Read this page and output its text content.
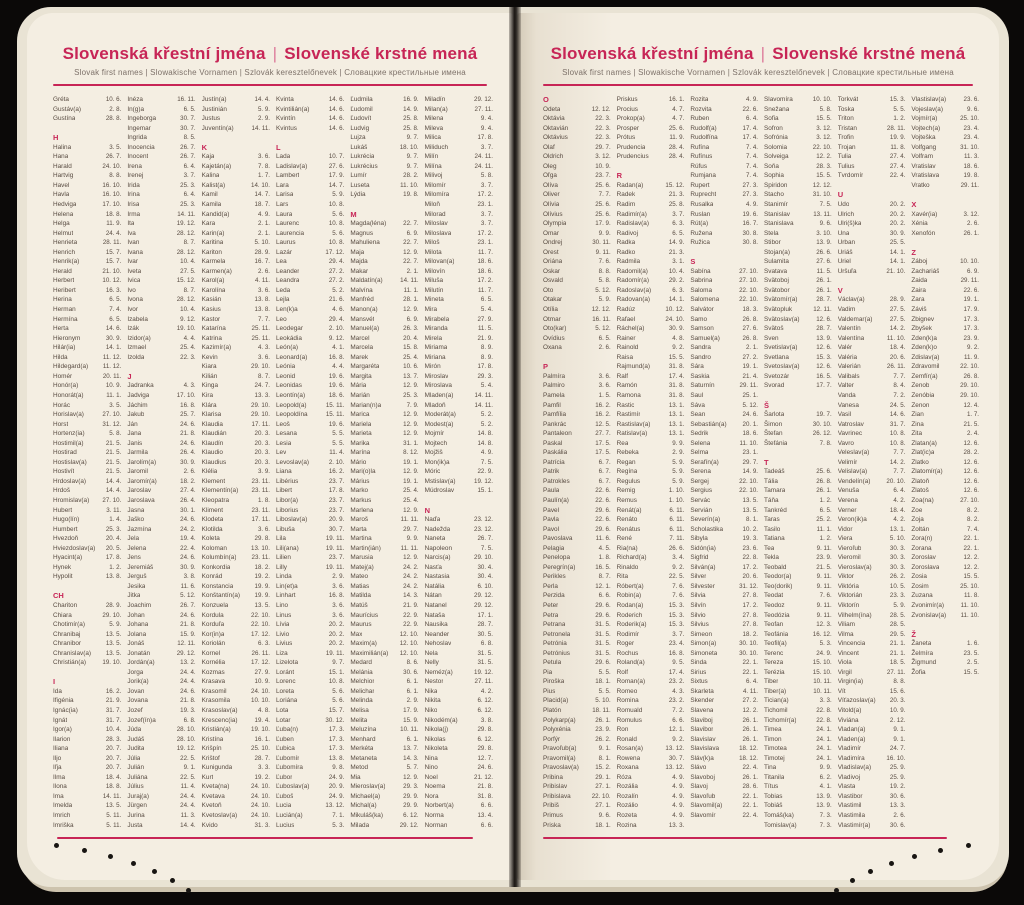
Slovenská křestní jména | Slovenské krstné mená
Slovak first names | Slowakische Vornamen | Szlovák keresztelőnevek | Словацкие крестильные имена
Gréta	10. 6.
Gustáv(a)	2. 8.
Gustína	28. 8.
H
Halina	3. 5.
Hana	26. 7.
Harald	24. 10.
Hartvig	8. 8.
Havel	16. 10.
Havla	16. 10.
Hedviga	17. 10.
Helena	18. 8.
Helga	11. 9.
Helmut	24. 4.
Henrieta	28. 11.
Henrich	15. 7.
Henrik(a)	15. 7.
Herald	21. 10.
Herbert	10. 12.
Heribert	16. 3.
Herina	6. 5.
Herman	7. 4.
Hermína	6. 5.
Herta	14. 6.
Hieronym	30. 9.
Hilár(ia)	14. 1.
Hilda	11. 12.
Hildegard(a)	11. 12.
Homér	20. 11.
Honór(a)	10. 9.
Honorát(a)	11. 1.
Horác	3. 5.
Horislav(a)	27. 10.
Horst	31. 12.
Hortenz(ia)	5. 8.
Hostimil(a)	21. 5.
Hostirad	21. 5.
Hostislav(a)	21. 5.
Hostivít	21. 5.
Hrdoslav(a)	14. 4.
Hrdoš	14. 4.
Hromislav(a)	27. 10.
Hubert	3. 11.
Hugo(lín)	1. 4.
Humbert	25. 3.
Hvezdoň	20. 4.
Hviezdoslav(a)	20. 5.
Hyacint(a)	17. 8.
Hynek	1. 2.
Hypolit	13. 8.
CH
Chariton	28. 9.
Chiara	29. 10.
Chotimír(a)	5. 9.
Chranibaj	13. 5.
Chranibor	13. 5.
Chranislav(a)	13. 5.
Christián(a)	19. 10.
I
Ida	16. 2.
Ifigénia	21. 9.
Ignác(ia)	31. 7.
Ignát	31. 7.
Igor(a)	10. 4.
Ilarion	28. 3.
Iliana	20. 7.
Iljo	20. 7.
Iľja	20. 7.
Ilma	18. 4.
Ilona	18. 8.
Ima	14. 11.
Imelda	13. 5.
Imrich	5. 11.
Imriška	5. 11.
Inéza	16. 11.
In(g)a	6. 5.
Ingeborga	30. 7.
Ingemar	30. 7.
Ingrida	8. 5.
Inocencia	26. 7.
Inocent	26. 7.
Irena	6. 4.
Irenej	3. 7.
Irida	25. 3.
Irina	6. 4.
Irisa	25. 3.
Irma	14. 11.
Ita	19. 12.
Iva	28. 12.
Ivan	8. 7.
Ivana	28. 12.
Ivar	10. 4.
Iveta	27. 5.
Ivica	15. 12.
Ivo	8. 7.
Ivona	28. 12.
Ivor	10. 4.
Izabela	9. 12.
Izák	19. 10.
Izidor(a)	4. 4.
Izmael	25. 4.
Izolda	22. 3.
J
Jadranka	4. 3.
Jadviga	17. 10.
Jáchim	16. 8.
Jakub	25. 7.
Ján	24. 6.
Jana	21. 8.
Janis	24. 6.
Jarmila	26. 4.
Jarolím(a)	30. 9.
Jaromil	2. 6.
Jaromír(a)	18. 2.
Jaroslav	27. 4.
Jaroslava	26. 4.
Jasna	30. 1.
Jaško	24. 6.
Jazmína	24. 2.
Jela	19. 4.
Jelena	22. 4.
Jens	24. 6.
Jeremiáš	30. 9.
Jerguš	3. 8.
Jesika	11. 6.
Jitka	5. 12.
Joachim	26. 7.
Johan	24. 6.
Johana	21. 8.
Jolana	15. 9.
Jonáš	12. 11.
Jonatán	29. 12.
Jordán(a)	13. 2.
Jorga	24. 4.
Jorik(a)	24. 4.
Jovan	24. 6.
Jovana	21. 8.
Jozef	19. 3.
Jozef(ín)a	6. 8.
Júda	28. 10.
Judáš	28. 10.
Judita	19. 12.
Júlia	22. 5.
Julián	9. 1.
Juliána	22. 5.
Július	11. 4.
Juraj(a)	24. 4.
Jürgen	24. 4.
Jurina	11. 3.
Justa	14. 4.
Justín(a)	14. 4.
Justinián	5. 9.
Justus	2. 9.
Juventín(a)	14. 11.
K
Kaja	3. 6.
Kajetán(a)	7. 8.
Kalina	1. 7.
Kalist(a)	14. 10.
Kamil	14. 7.
Kamila	18. 7.
Kandid(a)	4. 9.
Kara	2. 1.
Karin(a)	2. 1.
Karitina	5. 10.
Kariton	28. 9.
Karmela	16. 7.
Karmen(a)	2. 6.
Karol(a)	4. 11.
Karolína	3. 6.
Kasián	13. 8.
Kasius	13. 8.
Kastor	7. 7.
Katarína	25. 11.
Katrina	25. 11.
Kazimír(a)	4. 3.
Kevin	3. 6.
Kiara	29. 10.
Kilián	8. 7.
Kinga	24. 7.
Kira	13. 3.
Klára	29. 10.
Klarisa	29. 10.
Klaudia	17. 11.
Klaudián	20. 3.
Klaudín	20. 3.
Klaudio	20. 3.
Klaudius	20. 3.
Klélia	3. 9.
Klement	23. 11.
Klementín(a)	23. 11.
Kleopatra	1. 8.
Kliment	23. 11.
Klodeta	17. 11.
Klotilda	3. 6.
Koleta	29. 8.
Koloman	13. 10.
Kolumbín(a)	23. 11.
Konkordia	18. 2.
Konrád	19. 2.
Konstancia	19. 9.
Konštantín(a)	19. 9.
Konzuela	13. 5.
Kordula	22. 10.
Korduľa	22. 10.
Kor(in)a	17. 12.
Koriolán	6. 3.
Kornel	26. 11.
Kornélia	17. 12.
Kozmas	27. 9.
Krasava	10. 9.
Krasomil	24. 10.
Krasomila	10. 10.
Krasoslav(a)	4. 8.
Krescenc(ia)	19. 4.
Kristián(a)	19. 10.
Kristína	16. 1.
Krišpín	25. 10.
Krištof	28. 7.
Kunigunda	3. 3.
Kurt	19. 2.
Kveta(na)	24. 10.
Kvetava	24. 10.
Kvetoň	24. 10.
Kvetoslav(a)	24. 10.
Kvido	31. 3.
Kvinta	14. 6.
Kvintilián(a)	14. 6.
Kvintín	14. 6.
Kvintus	14. 6.
L
Lada	10. 7.
Ladislav(a)	27. 6.
Lambert	17. 9.
Lara	14. 7.
Larisa	5. 9.
Lars	10. 8.
Laura	5. 6.
Laurenc	10. 8.
Laurencia	5. 6.
Laurus	10. 8.
Lazár	17. 12.
Lea	29. 4.
Leander	27. 2.
Leandra	27. 2.
Leda	5. 2.
Lejla	21. 6.
Len(k)a	4. 6.
Leo	29. 4.
Leodegar	2. 10.
Leokádia	9. 12.
León(a)	4. 1.
Leonard(a)	16. 8.
Leónia	4. 4.
Leonid	19. 6.
Leonidas	19. 6.
Leontín(a)	18. 6.
Leopold(a)	15. 11.
Leopoldína	15. 11.
Leoš	19. 6.
Lesana	5. 5.
Lesia	5. 5.
Lev	11. 4.
Levoslav(a)	2. 10.
Liana	16. 2.
Libérius	23. 7.
Libert	17. 8.
Libor(a)	23. 7.
Liborius	23. 7.
Liboslav(a)	20. 9.
Libuša	30. 7.
Lila	19. 11.
Lili(ana)	19. 11.
Lilien	23. 7.
Lilly	19. 11.
Linda	2. 9.
Lin(et)a	3. 6.
Linhart	16. 8.
Lino	3. 6.
Linus	3. 6.
Lívia	20. 2.
Livio	20. 2.
Livius	20. 2.
Liza	19. 11.
Lizelota	9. 7.
Loránt	15. 1.
Lorenc	10. 8.
Loreta	5. 6.
Loriána	5. 6.
Lota	15. 7.
Lotar	30. 12.
Ľuba(n)	17. 3.
Ľuben	17. 3.
Ľubica	17. 3.
Ľubomír	13. 8.
Ľubomíra	9. 8.
Ľubor	24. 9.
Ľuboslav(a)	20. 9.
Ľuboš	24. 9.
Lucia	13. 12.
Lucián(a)	7. 1.
Lucius	5. 3.
Ľudmila	16. 9.
Ľudomil	14. 9.
Ľudovít	25. 8.
Ludvig	25. 8.
Lujza	9. 7.
Lukáš	18. 10.
Lukrécia	9. 7.
Lukrécius	9. 7.
Lumír	28. 2.
Luseta	11. 10.
Lýdia	19. 8.
M
Magda(léna)	22. 7.
Magnus	6. 9.
Mahuliena	22. 7.
Maja	12. 9.
Majda	22. 7.
Makar	2. 1.
Maldatín(a)	14. 11.
Malvína	11. 1.
Manfréd	28. 1.
Manon(a)	12. 9.
Mansvét	6. 9.
Manuel(a)	26. 3.
Marcel	20. 4.
Marcela	15. 8.
Marek	25. 4.
Margaréta	10. 6.
Margita	13. 7.
Mária	12. 9.
Marián	25. 3.
Marian(n)a	7. 9.
Marica	12. 9.
Mariela	12. 9.
Marieta	12. 9.
Marika	31. 1.
Marína	8. 12.
Mário	19. 1.
Mari(o)la	12. 9.
Márius	19. 1.
Marko	25. 4.
Markus	25. 4.
Marlena	12. 9.
Maroš	11. 11.
Marta	29. 7.
Martina	9. 9.
Martin(ián)	11. 11.
Marusia	12. 9.
Matej(a)	24. 2.
Mateo	24. 2.
Matias	24. 2.
Matilda	14. 3.
Matúš	21. 9.
Maurícius	22. 9.
Maurus	22. 9.
Max	12. 10.
Maxim(a)	12. 10.
Maximilián(a)	12. 10.
Medard	8. 6.
Melánia	30. 6.
Melchior	6. 1.
Melichar	6. 1.
Melinda	2. 9.
Melisa	17. 9.
Melita	15. 9.
Meluzína	10. 11.
Menhard	6. 1.
Merkéta	13. 7.
Metaneta	14. 3.
Metod	5. 7.
Mia	12. 9.
Mieroslav(a)	29. 3.
Michael(a)	29. 9.
Michal(a)	29. 9.
Mikuláš(ka)	6. 12.
Milada	29. 12.
Miladín	29. 12.
Milan(a)	27. 11.
Milena	9. 4.
Mileva	9. 4.
Milica	17. 8.
Miliduch	3. 7.
Milín	24. 11.
Milína	24. 11.
Milivoj	5. 8.
Milomír	3. 7.
Milomíra	17. 2.
Miloň	23. 1.
Milorad	3. 7.
Miloslav	3. 7.
Miloslava	17. 2.
Miloš	23. 1.
Milota	11. 7.
Milovan(a)	18. 6.
Milovín	18. 6.
Miluša	17. 2.
Milutín	11. 7.
Mineta	6. 5.
Mira	5. 4.
Mirabela	27. 9.
Miranda	11. 5.
Mirela	21. 9.
Miriama	8. 9.
Miriana	8. 9.
Mirón	17. 8.
Miroslav	29. 3.
Miroslava	5. 4.
Mladen(a)	14. 11.
Mladoň	14. 11.
Moderát(a)	5. 2.
Modest(a)	5. 2.
Mojmír	14. 8.
Mojtech	14. 8.
Mojžiš	4. 9.
Mon(ik)a	7. 5.
Móric	22. 9.
Mstislav(a)	19. 12.
Múdroslav	15. 1.
N
Naďa	23. 12.
Nadežda	23. 12.
Naneta	26. 7.
Napoleon	7. 5.
Narcis(a)	29. 10.
Nasťa	30. 4.
Nastasia	30. 4.
Natália	6. 10.
Nátan	29. 12.
Natanel	29. 12.
Nataša	17. 1.
Nausika	28. 7.
Neander	30. 5.
Nehoslav	6. 8.
Nela	31. 5.
Nelly	31. 5.
Neméz(a)	19. 12.
Nestor	27. 11.
Nika	4. 2.
Nikita	6. 12.
Niko	6. 12.
Nikodém(a)	3. 8.
Nikola(j)	29. 8.
Nikolas	6. 12.
Nikoleta	29. 8.
Nina	12. 7.
Nino	24. 6.
Noel	21. 12.
Noema	21. 8.
Nora	31. 8.
Norbert(a)	6. 6.
Norma	13. 4.
Norman	6. 6.
Slovenská křestní jména | Slovenské krstné mená
Slovak first names | Slowakische Vornamen | Szlovák keresztelőnevek | Словацкие крестильные имена
O
Odeta	12. 12.
Oktávia	22. 3.
Oktavián	22. 3.
Oktávius	22. 3.
Olaf	29. 7.
Oldrich	3. 12.
Oleg	10. 9.
Oľga	23. 7.
Olíva	25. 6.
Oliver	7. 7.
Olívia	25. 6.
Olívius	25. 6.
Olympia	17. 9.
Omar	9. 9.
Ondrej	30. 11.
Orest	9. 11.
Oriána	7. 6.
Oskar	8. 8.
Osvald	5. 8.
Oto	5. 12.
Otakar	5. 9.
Otília	12. 12.
Otmar	16. 11.
Oto(kar)	5. 12.
Ovídius	6. 5.
Oxana	2. 6.
P
Palmíra	3. 6.
Palmiro	3. 6.
Pamela	1. 5.
Pamfil	16. 2.
Pamfília	16. 2.
Pankrác	12. 5.
Pantaleon	27. 7.
Paskal	17. 5.
Paskália	17. 5.
Patrícia	6. 7.
Patrik	6. 7.
Patrokles	6. 7.
Paula	22. 6.
Paulín(a)	22. 6.
Pavel	29. 6.
Pavla	22. 6.
Pavol	29. 6.
Pavoslava	11. 6.
Pelagia	4. 5.
Penelopa	1. 8.
Peregrín(a)	16. 5.
Perikles	8. 7.
Perla	12. 1.
Perzida	6. 6.
Peter	29. 6.
Petra	29. 6.
Petrana	31. 5.
Petronela	31. 5.
Petrónia	31. 5.
Petrónius	31. 5.
Petula	29. 6.
Pia	5. 5.
Piroška	18. 1.
Pius	5. 5.
Placid(a)	5. 10.
Platón	18. 11.
Polykarp(a)	26. 1.
Polyxénia	23. 9.
Porfýr	26. 2.
Pravoľub(a)	9. 1.
Pravomil(a)	8. 1.
Pravoslav(a)	15. 2.
Pribina	29. 1.
Pribislav	27. 1.
Pribislava	22. 10.
Pribiš	27. 1.
Primus	9. 6.
Priska	18. 1.
Priskus	16. 1.
Procius	4. 7.
Prokop(a)	4. 7.
Prosper	25. 6.
Prótus	11. 9.
Prudencia	28. 4.
Prudencius	28. 4.
R
Radan(a)	15. 12.
Radek	21. 3.
Radim	25. 8.
Radimír(a)	3. 7.
Radislav(a)	6. 3.
Radivoj	6. 5.
Radka	14. 9.
Radko	21. 3.
Radmila	3. 1.
Radomil(a)	10. 4.
Radomír(a)	29. 2.
Radoslav(a)	6. 3.
Radovan(a)	14. 1.
Radúz	10. 12.
Rafael	24. 10.
Ráchel(a)	30. 9.
Rainer	4. 8.
Rainold	9. 2.
Raisa	15. 5.
Rajmund(a)	31. 8.
Ralf	17. 4.
Ramón	31. 8.
Ramona	31. 8.
Rastic	13. 1.
Rastimír	13. 1.
Rastislav(a)	13. 1.
Ratislav(a)	13. 1.
Rea	9. 9.
Rebeka	2. 9.
Regan	5. 9.
Regína	5. 9.
Regulus	5. 9.
Remig	1. 10.
Remus	1. 10.
Renát(a)	6. 11.
Renáto	6. 11.
Renátus	6. 11.
René	7. 11.
Ria(na)	26. 6.
Richard(a)	3. 4.
Rinaldo	9. 2.
Rita	22. 5.
Róbert(a)	7. 6.
Robin(a)	7. 6.
Rodan(a)	15. 3.
Roderich	15. 3.
Roderik(a)	15. 3.
Rodimír	3. 7.
Roger	23. 4.
Rochus	16. 8.
Roland(a)	9. 5.
Rolf	17. 4.
Roman(a)	23. 2.
Romeo	4. 3.
Romina	23. 2.
Romuald	7. 2.
Romulus	6. 6.
Ron	12. 1.
Ronald	9. 2.
Rosan(a)	13. 12.
Rowena	30. 7.
Roxana	13. 12.
Róza	4. 9.
Rozália	4. 9.
Rozalín	4. 9.
Rozálio	4. 9.
Rozeta	4. 9.
Rozina	13. 3.
Rozita	4. 9.
Rozvita	22. 6.
Ruben	6. 4.
Rudolf(a)	17. 4.
Rudolfína	17. 4.
Rufína	7. 4.
Rufínus	7. 4.
Rúfus	7. 4.
Rumjana	7. 4.
Rupert	27. 3.
Ruprecht	27. 3.
Rusalka	4. 9.
Ruslan	19. 6.
Rút(a)	16. 7.
Ružena	30. 8.
Ružica	30. 8.
S
Sabína	27. 10.
Sabrina	27. 10.
Saloma	22. 10.
Salomena	22. 10.
Salvátor	18. 3.
Samo	26. 8.
Samson	27. 6.
Samuel(a)	26. 8.
Sandra	2. 1.
Sandro	27. 2.
Sára	19. 1.
Saskia	21. 4.
Saturnín	29. 11.
Saul	25. 1.
Sáva	5. 12.
Sean	24. 6.
Sebastián(a)	20. 1.
Sedrik	18. 6.
Selena	11. 10.
Selma	23. 1.
Serafín(a)	29. 7.
Serena	14. 9.
Sergej	22. 10.
Sergius	22. 10.
Servác	13. 5.
Servián	13. 5.
Severín(a)	8. 1.
Scholastika	10. 2.
Sibyla	19. 3.
Sidón(ia)	23. 6.
Sigfrid	22. 8.
Silván(a)	17. 2.
Silver	20. 6.
Silvester	31. 12.
Silvia	27. 8.
Silvín	17. 2.
Silvio	27. 8.
Silvius	27. 8.
Simeon	18. 2.
Simon(a)	30. 10.
Simoneta	30. 10.
Sinda	22. 1.
Sirius	22. 1.
Sixtus	6. 4.
Skarleta	4. 11.
Skender	27. 2.
Slavena	12. 2.
Slaviboj	26. 1.
Slavibor	26. 1.
Slavislav	26. 1.
Slavislava	18. 12.
Sláv(k)a	18. 12.
Slávo	22. 4.
Slavoboj	26. 1.
Slavoj	28. 6.
Slavoľub	22. 1.
Slavomil(a)	22. 1.
Slavomír	22. 4.
Slavomíra	10. 10.
Snežana	5. 8.
Sofia	15. 5.
Sofron	3. 12.
Sofrónia	3. 12.
Solomia	22. 10.
Solveiga	12. 2.
Soňa	28. 3.
Sophia	15. 5.
Spiridon	12. 12.
Stacho	31. 10.
Stanimír	7. 5.
Stanislav	13. 11.
Stanislava	9. 6.
Stela	3. 10.
Stibor	13. 9.
Stojan(a)	26. 6.
Sulamita	27. 6.
Svatava	11. 5.
Svätoboj	26. 1.
Svätobor	26. 1.
Svätomír(a)	28. 7.
Svätopluk	12. 11.
Svätoslav(a)	12. 6.
Svätoš	28. 7.
Sven	13. 9.
Svetislav(a)	12. 6.
Svetlana	15. 3.
Svetoslav(a)	12. 6.
Svetozár	16. 5.
Svorad	17. 7.
Š
Šarlota	19. 7.
Šimon	30. 10.
Štefan	26. 12.
Štefánia	7. 8.
T
Tadeáš	25. 6.
Tália	26. 8.
Tamara	26. 1.
Táňa	1. 2.
Tankréd	6. 5.
Taras	25. 2.
Tasilo	11. 1.
Tatiana	1. 2.
Tea	9. 11.
Tekla	23. 9.
Teobald	21. 5.
Teodor(a)	9. 11.
Teo(dorik)	9. 11.
Teodat	7. 6.
Teodoz	9. 11.
Teodózia	9. 11.
Teofan	12. 3.
Teofánia	16. 12.
Teofil(a)	5. 3.
Terenc	24. 9.
Tereza	15. 10.
Terézia	15. 10.
Tiber	10. 11.
Tiber(a)	10. 11.
Tician(a)	3. 3.
Tichomil	22. 8.
Tichomír(a)	22. 8.
Timea	24. 1.
Timon	24. 1.
Timotea	24. 1.
Timotej	24. 1.
Tina	9. 9.
Titanila	6. 2.
Títus	4. 1.
Tobias	13. 9.
Tobiáš	13. 9.
Tomáš(ka)	7. 3.
Tomislav(a)	7. 3.
Torkvát	15. 3.
Toska	5. 5.
Triton	1. 2.
Tristan	28. 11.
Trofin	19. 9.
Trojan	11. 8.
Tulia	27. 4.
Tulius	27. 4.
Tvrdomír	22. 4.
U
Udo	20. 2.
Ulrich	20. 2.
Ulri(š)ka	20. 2.
Una	30. 9.
Urban	25. 5.
Uriáš	14. 1.
Uriel	14. 1.
Uršuľa	21. 10.
V
Václav(a)	28. 9.
Vadim	27. 5.
Valdemar(a)	27. 5.
Valentín	14. 2.
Valentína	11. 10.
Valér	18. 4.
Valéria	20. 6.
Valerián	26. 11.
Valibals	7. 7.
Valter	8. 4.
Vanda	7. 2.
Vanesa	24. 5.
Vasil	14. 6.
Vatroslav	31. 7.
Vavrinec	10. 8.
Vavro	10. 8.
Veleslav(a)	7. 7.
Velimír	14. 2.
Velislav(a)	7. 7.
Vendelín(a)	20. 10.
Venuša	6. 4.
Verena	4. 2.
Verner	18. 4.
Veron(ik)a	4. 2.
Vidor	13. 1.
Viera	5. 10.
Vieroľub	30. 3.
Vieromil	30. 3.
Vieroslav(a)	30. 3.
Viktor	26. 2.
Viktória	10. 5.
Viktorián	23. 3.
Viktorín	5. 9.
Vilhelm(ína)	28. 5.
Viliam	28. 5.
Vilma	29. 5.
Vincencia	21. 1.
Vincent	21. 1.
Viola	18. 5.
Virgil	27. 11.
Virgin(ia)	8. 8.
Vít	15. 6.
Víťazoslav(a)	20. 3.
Vitold(a)	10. 9.
Viviána	2. 12.
Vladan(a)	9. 1.
Vladen(a)	9. 1.
Vladimír	24. 7.
Vladimíra	16. 10.
Vladislav(a)	25. 9.
Vladivoj	25. 9.
Vlasta	19. 2.
Vlastibor	30. 6.
Vlastimil	13. 3.
Vlastimila	2. 6.
Vlastimír(a)	30. 6.
Vlastislav(a)	23. 6.
Vojeslav(a)	9. 6.
Vojmír(a)	25. 10.
Vojtech(a)	23. 4.
Vojteška	23. 4.
Volfgang	31. 10.
Volfram	11. 3.
Vratislav	18. 6.
Vratislava	19. 8.
Vratko	29. 11.
X
Xavér(ia)	3. 12.
Xénia	2. 6.
Xenofón	26. 1.
Z
Záboj	10. 10.
Zachariáš	6. 9.
Zaida	29. 11.
Zaira	22. 6.
Zara	19. 1.
Záviš	17. 9.
Zbignev	17. 3.
Zbyšek	17. 3.
Zden(k)a	23. 9.
Zden(k)o	9. 2.
Zdislav(a)	11. 9.
Zdravomil	22. 10.
Zemfír(a)	26. 8.
Zenob	29. 10.
Zenóbia	29. 10.
Zenon	12. 4.
Zian	1. 7.
Zina	21. 5.
Zita	2. 4.
Zlatan(a)	12. 6.
Zlat(ic)a	28. 2.
Zlatko	12. 6.
Zlatomír(a)	12. 6.
Zlatoň	12. 6.
Zlatoš	12. 6.
Zoa(na)	27. 10.
Zoe	8. 2.
Zoja	8. 2.
Zoltán	7. 4.
Zora(n)	22. 1.
Zorana	22. 1.
Zoroslav	12. 2.
Zoroslava	12. 2.
Zosia	15. 5.
Zosim	25. 10.
Zuzana	11. 8.
Zvonimír(a)	11. 10.
Zvonislav(a)	11. 10.
Ž
Žaneta	1. 6.
Želmíra	23. 5.
Žigmund	2. 5.
Žofia	15. 5.
